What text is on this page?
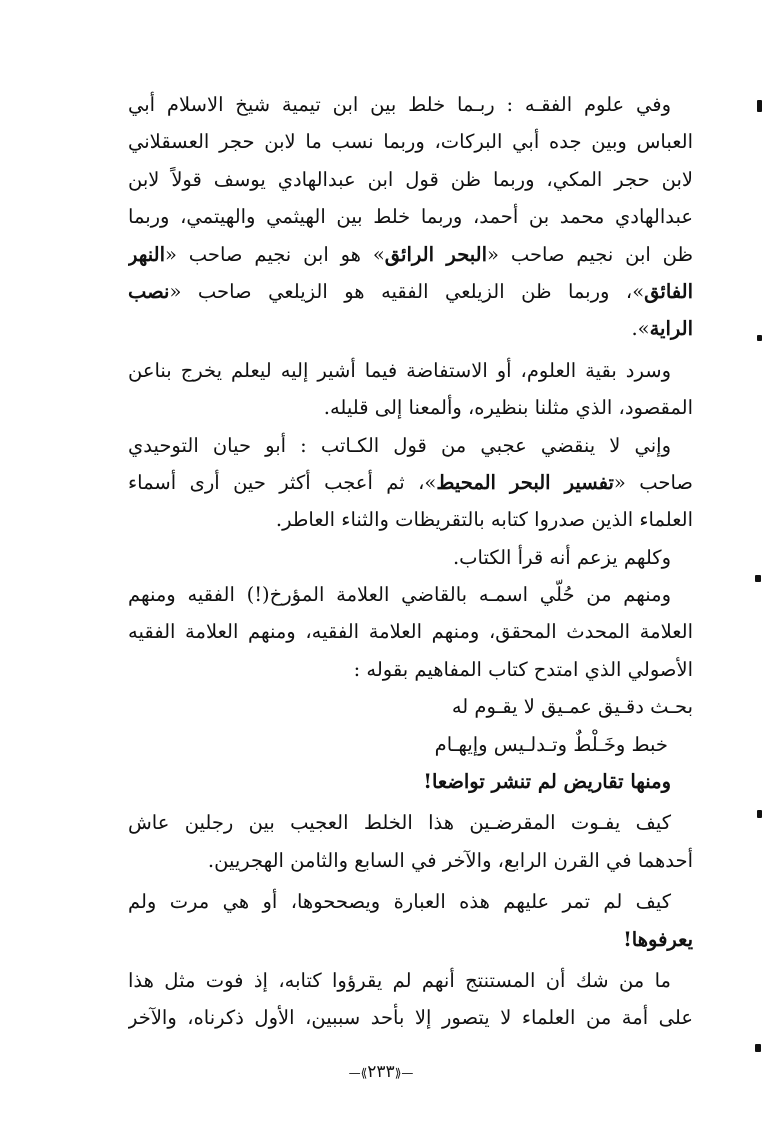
وفي علوم الفقـه : ربـما خلط بين ابن تيمية شيخ الاسلام أبي
العباس وبين جده أبي البركات، وربما نسب ما لابن حجر العسقلاني
لابن حجر المكي، وربما ظن قول ابن عبدالهادي يوسف قولاً لابن
عبدالهادي محمد بن أحمد، وربما خلط بين الهيثمي والهيتمي، وربما
ظن ابن نجيم صاحب «البحر الرائق» هو ابن نجيم صاحب «النهر
الفائق»، وربما ظن الزيلعي الفقيه هو الزيلعي صاحب «نصب
الراية».
وسرد بقية العلوم، أو الاستفاضة فيما أشير إليه ليعلم يخرج بناعن
المقصود، الذي مثلنا بنظيره، وألمعنا إلى قليله.
وإني لا ينقضي عجبي من قول الكـاتب : أبو حيان التوحيدي
صاحب «تفسير البحر المحيط»، ثم أعجب أكثر حين أرى أسماء
العلماء الذين صدروا كتابه بالتقريظات والثناء العاطر.
وكلهم يزعم أنه قرأ الكتاب.
ومنهم من حُلّي اسمـه بالقاضي العلامة المؤرخ(!) الفقيه ومنهم
العلامة المحدث المحقق، ومنهم العلامة الفقيه، ومنهم العلامة الفقيه
الأصولي الذي امتدح كتاب المفاهيم بقوله :
بحـث دقـيق عمـيق لا يقـوم له
خبط وخَـلْطٌ وتـدلـيس وإيهـام
ومنها تقاريض لم تنشر تواضعا!
كيف يفـوت المقرضـين هذا الخلط العجيب بين رجلين عاش
أحدهما في القرن الرابع، والآخر في السابع والثامن الهجريين.
كيف لم تمر عليهم هذه العبارة ويصححوها، أو هي مرت ولم
يعرفوها!
ما من شك أن المستنتج أنهم لم يقرؤوا كتابه، إذ فوت مثل هذا
على أمة من العلماء لا يتصور إلا بأحد سببين، الأول ذكرناه، والآخر
—⟪٢٣٣⟫—
